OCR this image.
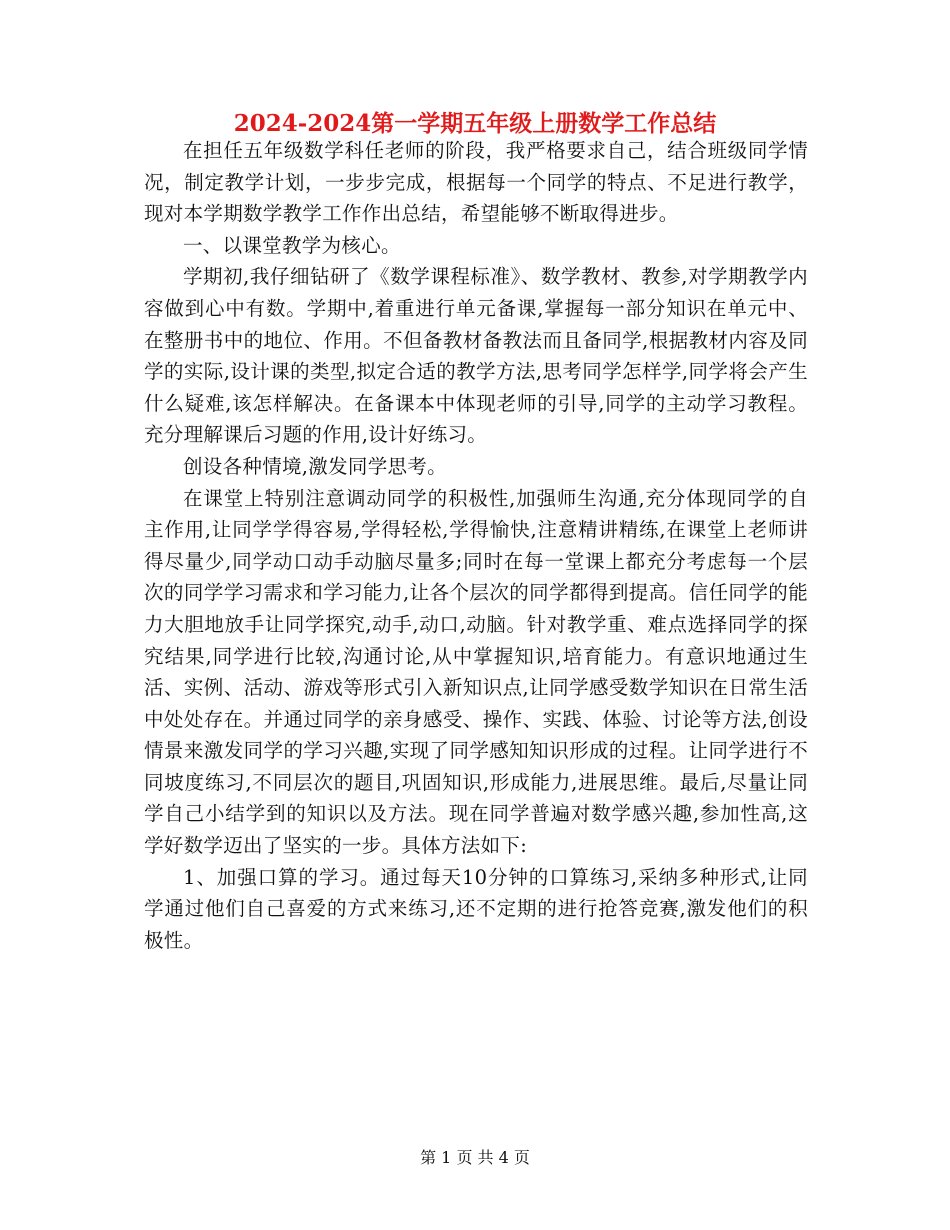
2024-2024第一学期五年级上册数学工作总结

在担任五年级数学科任老师的阶段，我严格要求自己，结合班级同学情况，制定教学计划，一步步完成，根据每一个同学的特点、不足进行教学，现对本学期数学教学工作作出总结，希望能够不断取得进步。

一、以课堂教学为核心。

学期初,我仔细钻研了《数学课程标准》、数学教材、教参,对学期教学内容做到心中有数。学期中,着重进行单元备课,掌握每一部分知识在单元中、在整册书中的地位、作用。不但备教材备教法而且备同学,根据教材内容及同学的实际,设计课的类型,拟定合适的教学方法,思考同学怎样学,同学将会产生什么疑难,该怎样解决。在备课本中体现老师的引导,同学的主动学习教程。充分理解课后习题的作用,设计好练习。

创设各种情境,激发同学思考。

在课堂上特别注意调动同学的积极性,加强师生沟通,充分体现同学的自主作用,让同学学得容易,学得轻松,学得愉快,注意精讲精练,在课堂上老师讲得尽量少,同学动口动手动脑尽量多;同时在每一堂课上都充分考虑每一个层次的同学学习需求和学习能力,让各个层次的同学都得到提高。信任同学的能力大胆地放手让同学探究,动手,动口,动脑。针对教学重、难点选择同学的探究结果,同学进行比较,沟通讨论,从中掌握知识,培育能力。有意识地通过生活、实例、活动、游戏等形式引入新知识点,让同学感受数学知识在日常生活中处处存在。并通过同学的亲身感受、操作、实践、体验、讨论等方法,创设情景来激发同学的学习兴趣,实现了同学感知知识形成的过程。让同学进行不同坡度练习,不同层次的题目,巩固知识,形成能力,进展思维。最后,尽量让同学自己小结学到的知识以及方法。现在同学普遍对数学感兴趣,参加性高,这学好数学迈出了坚实的一步。具体方法如下:

1、加强口算的学习。通过每天10分钟的口算练习,采纳多种形式,让同学通过他们自己喜爱的方式来练习,还不定期的进行抢答竞赛,激发他们的积极性。

第 1 页 共 4 页
